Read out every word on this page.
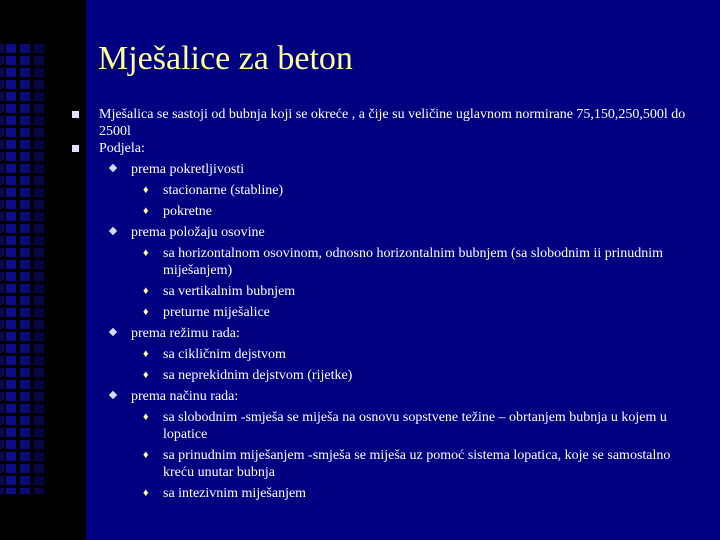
Mješalice za beton
Mješalica se sastoji od bubnja koji se okreće , a čije su veličine uglavnom normirane 75,150,250,500l do 2500l
Podjela:
prema pokretljivosti
♦ stacionarne (stabline)
♦ pokretne
prema položaju osovine
♦ sa horizontalnom osovinom, odnosno horizontalnim bubnjem (sa slobodnim ii prinudnim miješanjem)
♦ sa vertikalnim bubnjem
♦ preturne miješalice
prema režimu rada:
♦ sa cikličnim dejstvom
♦ sa neprekidnim dejstvom (rijetke)
prema načinu rada:
♦ sa slobodnim -smješa se miješa na osnovu sopstvene težine – obrtanjem bubnja u kojem u lopatice
♦ sa prinudnim miješanjem -smješa se miješa uz pomoć sistema lopatica, koje se samostalno kreću unutar bubnja
♦ sa intezivnim miješanjem
